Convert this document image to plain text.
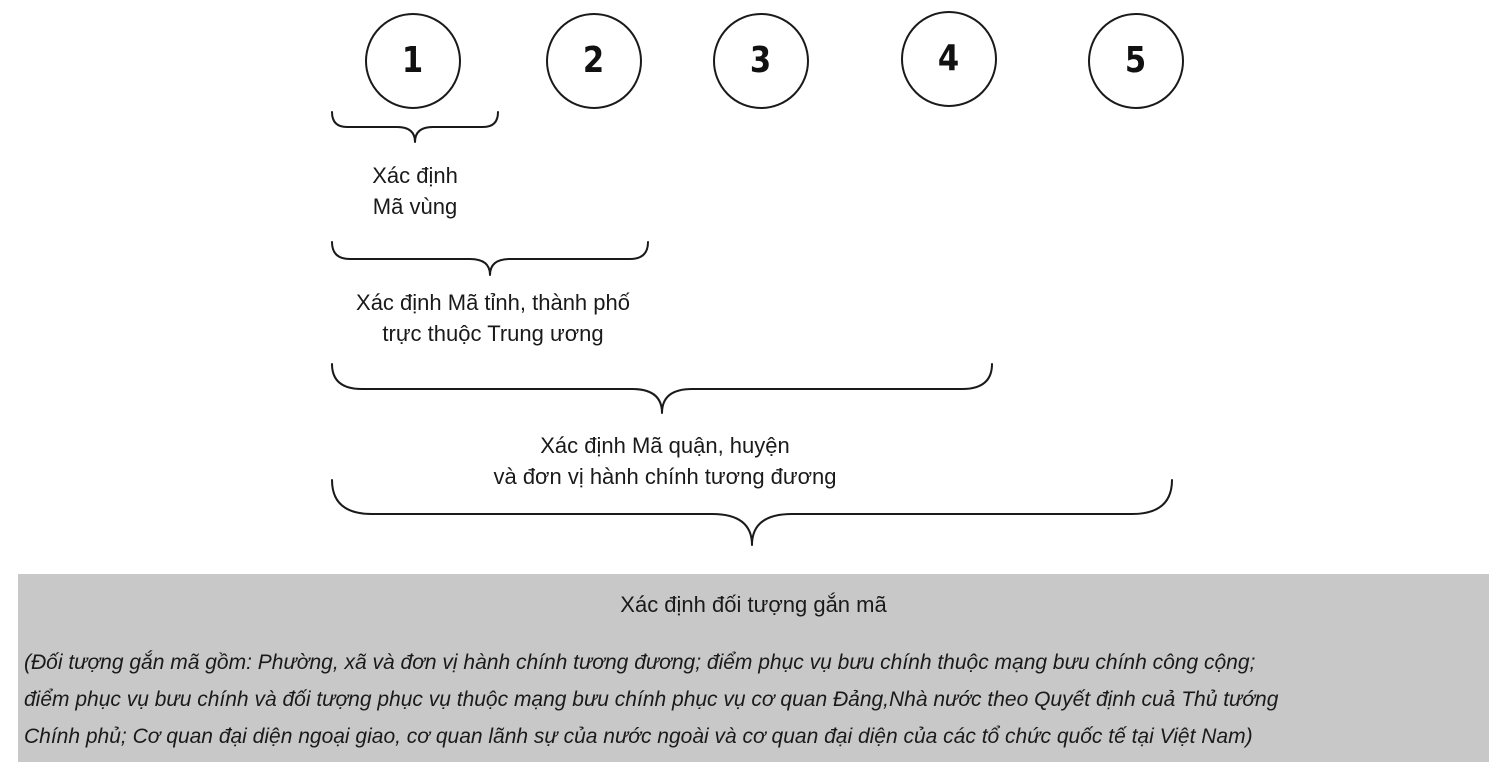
1	2	3	4	5
Xác định
Mã vùng
Xác định Mã tỉnh, thành phố
trực thuộc Trung ương
Xác định Mã quận, huyện
và đơn vị hành chính tương đương
Xác định đối tượng gắn mã
(Đối tượng gắn mã gồm: Phường, xã và đơn vị hành chính tương đương; điểm phục vụ bưu chính thuộc mạng bưu chính công cộng;
điểm phục vụ bưu chính và đối tượng phục vụ thuộc mạng bưu chính phục vụ cơ quan Đảng,Nhà nước theo Quyết định cuả Thủ tướng
Chính phủ; Cơ quan đại diện ngoại giao, cơ quan lãnh sự của nước ngoài và cơ quan đại diện của các tổ chức quốc tế tại Việt Nam)
